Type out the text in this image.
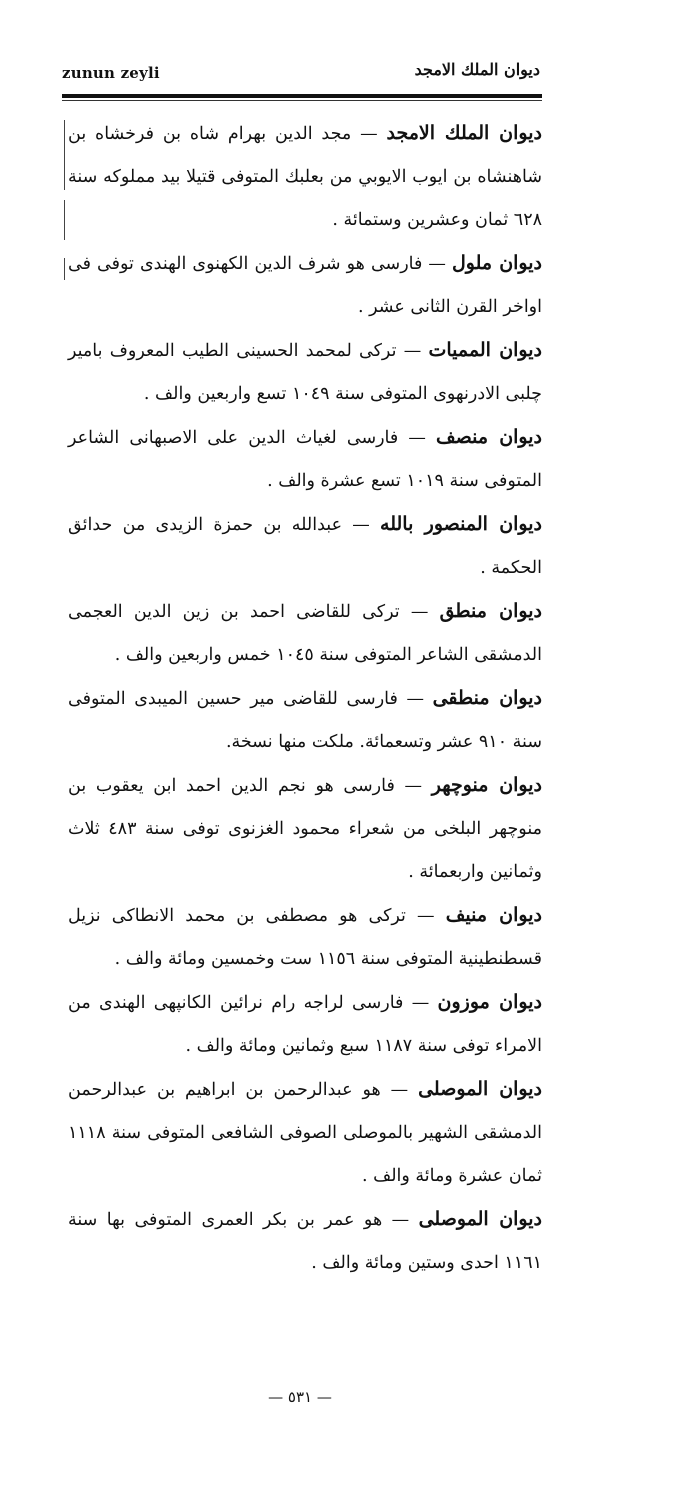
zunun zeyli	ديوان الملك الامجد

ديوان الملك الامجد — مجد الدين بهرام شاه بن فرخشاه بن شاهنشاه بن ايوب الايوبي من بعلبك المتوفى قتيلا بيد مملوكه سنة ٦٢٨ ثمان وعشرين وستمائة .

ديوان ملول — فارسى هو شرف الدين الكهنوى الهندى توفى فى اواخر القرن الثانى عشر .

ديوان المميات — تركى لمحمد الحسينى الطيب المعروف بامير چلبى الادرنهوى المتوفى سنة ١٠٤٩ تسع واربعين والف .

ديوان منصف — فارسى لغياث الدين على الاصبهانى الشاعر المتوفى سنة ١٠١٩ تسع عشرة والف .

ديوان المنصور بالله — عبدالله بن حمزة الزيدى من حدائق الحكمة .

ديوان منطق — تركى للقاضى احمد بن زين الدين العجمى الدمشقى الشاعر المتوفى سنة ١٠٤٥ خمس واربعين والف .

ديوان منطقى — فارسى للقاضى مير حسين الميبدى المتوفى سنة ٩١٠ عشر وتسعمائة. ملكت منها نسخة.

ديوان منوچهر — فارسى هو نجم الدين احمد ابن يعقوب بن منوچهر البلخى من شعراء محمود الغزنوى توفى سنة ٤٨٣ ثلاث وثمانين واربعمائة .

ديوان منيف — تركى هو مصطفى بن محمد الانطاكى نزيل قسطنطينية المتوفى سنة ١١٥٦ ست وخمسين ومائة والف .

ديوان موزون — فارسى لراجه رام نرائين الكانپهى الهندى من الامراء توفى سنة ١١٨٧ سبع وثمانين ومائة والف .

ديوان الموصلى — هو عبدالرحمن بن ابراهيم بن عبدالرحمن الدمشقى الشهير بالموصلى الصوفى الشافعى المتوفى سنة ١١١٨ ثمان عشرة ومائة والف .

ديوان الموصلى — هو عمر بن بكر العمرى المتوفى بها سنة ١١٦١ احدى وستين ومائة والف .

— ٥٣١ —
